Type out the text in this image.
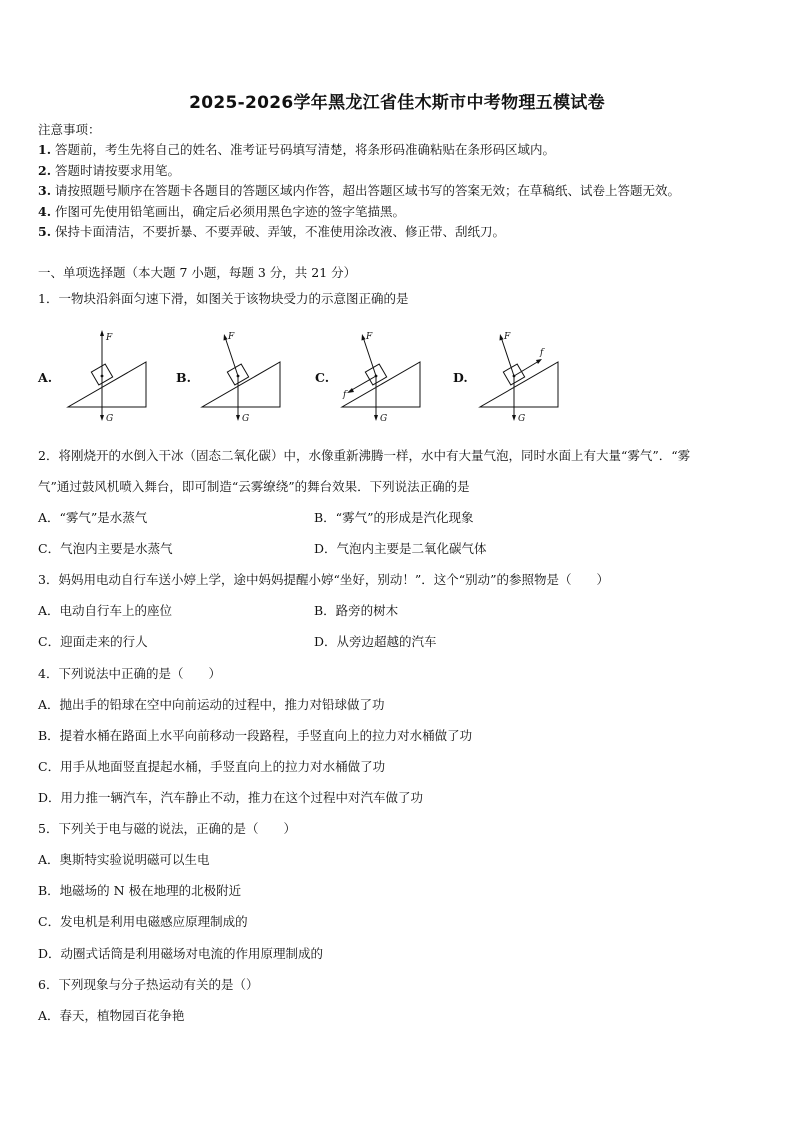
2025-2026学年黑龙江省佳木斯市中考物理五模试卷
注意事项：
1. 答题前，考生先将自己的姓名、准考证号码填写清楚，将条形码准确粘贴在条形码区域内。
2. 答题时请按要求用笔。
3. 请按照题号顺序在答题卡各题目的答题区域内作答，超出答题区域书写的答案无效；在草稿纸、试卷上答题无效。
4. 作图可先使用铅笔画出，确定后必须用黑色字迹的签字笔描黑。
5. 保持卡面清洁，不要折暴、不要弄破、弄皱，不准使用涂改液、修正带、刮纸刀。
一、单项选择题（本大题 7 小题，每题 3 分，共 21 分）
1．一物块沿斜面匀速下滑，如图关于该物块受力的示意图正确的是
A.	B.	C.	D.
F
G
F
G
F
G
f
F
G
f
2．将刚烧开的水倒入干冰（固态二氧化碳）中，水像重新沸腾一样，水中有大量气泡，同时水面上有大量“雾气”．“雾
气”通过鼓风机喷入舞台，即可制造“云雾缭绕”的舞台效果．下列说法正确的是
A．“雾气”是水蒸气	B．“雾气”的形成是汽化现象
C．气泡内主要是水蒸气	D．气泡内主要是二氧化碳气体
3．妈妈用电动自行车送小婷上学，途中妈妈提醒小婷“坐好，别动！”．这个“别动”的参照物是（　　）
A．电动自行车上的座位	B．路旁的树木
C．迎面走来的行人	D．从旁边超越的汽车
4．下列说法中正确的是（　　）
A．抛出手的铅球在空中向前运动的过程中，推力对铅球做了功
B．提着水桶在路面上水平向前移动一段路程，手竖直向上的拉力对水桶做了功
C．用手从地面竖直提起水桶，手竖直向上的拉力对水桶做了功
D．用力推一辆汽车，汽车静止不动，推力在这个过程中对汽车做了功
5．下列关于电与磁的说法，正确的是（　　）
A．奥斯特实验说明磁可以生电
B．地磁场的 N 极在地理的北极附近
C．发电机是利用电磁感应原理制成的
D．动圈式话筒是利用磁场对电流的作用原理制成的
6．下列现象与分子热运动有关的是（）
A．春天，植物园百花争艳
